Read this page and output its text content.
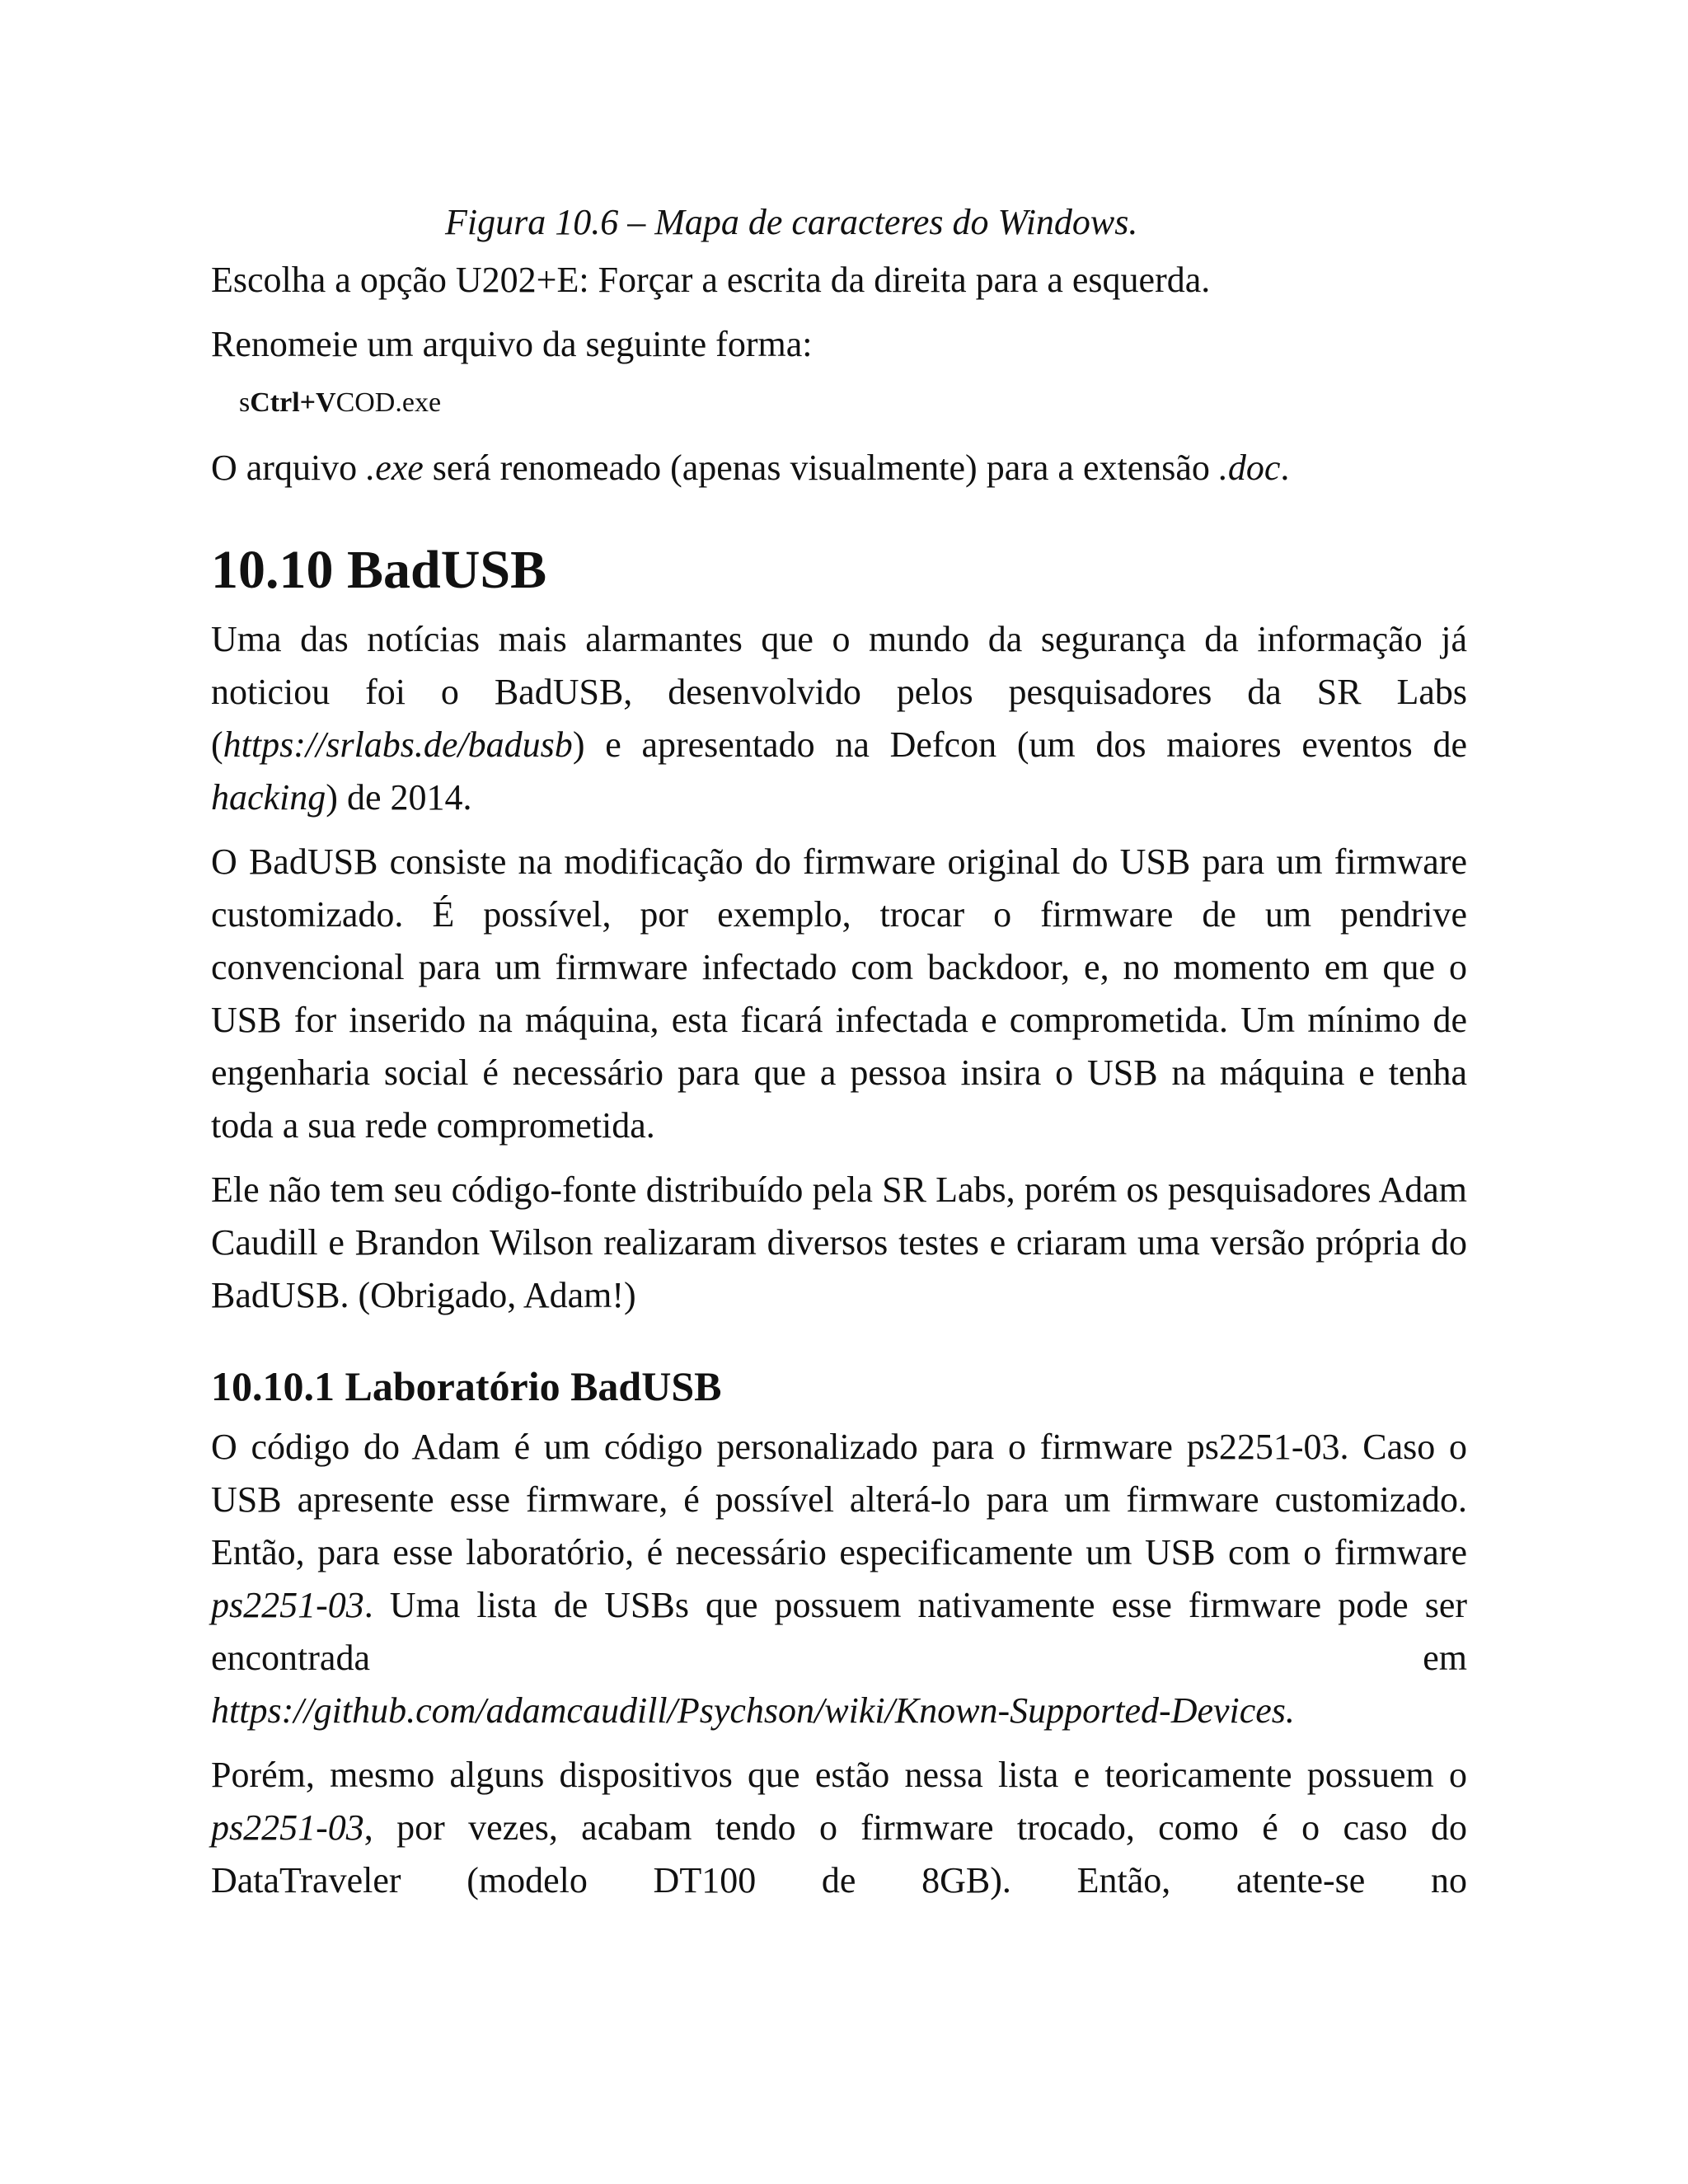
Figura 10.6 – Mapa de caracteres do Windows.

Escolha a opção U202+E: Forçar a escrita da direita para a esquerda.

Renomeie um arquivo da seguinte forma:

sCtrl+VCOD.exe

O arquivo .exe será renomeado (apenas visualmente) para a extensão .doc.

10.10 BadUSB

Uma das notícias mais alarmantes que o mundo da segurança da informação já noticiou foi o BadUSB, desenvolvido pelos pesquisadores da SR Labs (https://srlabs.de/badusb) e apresentado na Defcon (um dos maiores eventos de hacking) de 2014.

O BadUSB consiste na modificação do firmware original do USB para um firmware customizado. É possível, por exemplo, trocar o firmware de um pendrive convencional para um firmware infectado com backdoor, e, no momento em que o USB for inserido na máquina, esta ficará infectada e comprometida. Um mínimo de engenharia social é necessário para que a pessoa insira o USB na máquina e tenha toda a sua rede comprometida.

Ele não tem seu código-fonte distribuído pela SR Labs, porém os pesquisadores Adam Caudill e Brandon Wilson realizaram diversos testes e criaram uma versão própria do BadUSB. (Obrigado, Adam!)

10.10.1 Laboratório BadUSB

O código do Adam é um código personalizado para o firmware ps2251-03. Caso o USB apresente esse firmware, é possível alterá-lo para um firmware customizado. Então, para esse laboratório, é necessário especificamente um USB com o firmware ps2251-03. Uma lista de USBs que possuem nativamente esse firmware pode ser encontrada em
https://github.com/adamcaudill/Psychson/wiki/Known-Supported-Devices.

Porém, mesmo alguns dispositivos que estão nessa lista e teoricamente possuem o ps2251-03, por vezes, acabam tendo o firmware trocado, como é o caso do DataTraveler (modelo DT100 de 8GB). Então, atente-se no
